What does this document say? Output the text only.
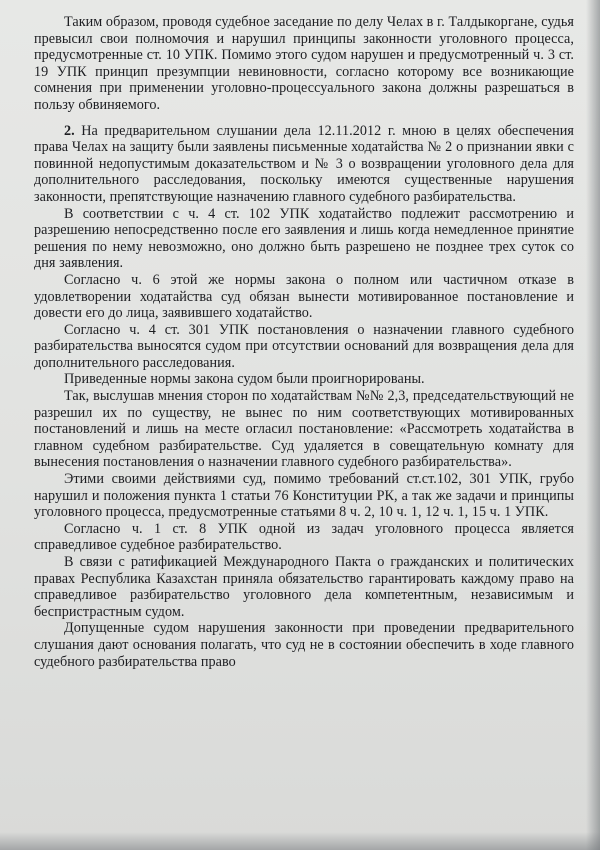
Таким образом, проводя судебное заседание по делу Челах в г. Талдыкоргане, судья превысил свои полномочия и нарушил принципы законности уголовного процесса, предусмотренные ст. 10 УПК. Помимо этого судом нарушен и предусмотренный ч. 3 ст. 19 УПК принцип презумпции невиновности, согласно которому все возникающие сомнения при применении уголовно-процессуального закона должны разрешаться в пользу обвиняемого.

2. На предварительном слушании дела 12.11.2012 г. мною в целях обеспечения права Челах на защиту были заявлены письменные ходатайства № 2 о признании явки с повинной недопустимым доказательством и № 3 о возвращении уголовного дела для дополнительного расследования, поскольку имеются существенные нарушения законности, препятствующие назначению главного судебного разбирательства.

В соответствии с ч. 4 ст. 102 УПК ходатайство подлежит рассмотрению и разрешению непосредственно после его заявления и лишь когда немедленное принятие решения по нему невозможно, оно должно быть разрешено не позднее трех суток со дня заявления.

Согласно ч. 6 этой же нормы закона о полном или частичном отказе в удовлетворении ходатайства суд обязан вынести мотивированное постановление и довести его до лица, заявившего ходатайство.

Согласно ч. 4 ст. 301 УПК постановления о назначении главного судебного разбирательства выносятся судом при отсутствии оснований для возвращения дела для дополнительного расследования.

Приведенные нормы закона судом были проигнорированы.

Так, выслушав мнения сторон по ходатайствам №№ 2,3, председательствующий не разрешил их по существу, не вынес по ним соответствующих мотивированных постановлений и лишь на месте огласил постановление: «Рассмотреть ходатайства в главном судебном разбирательстве. Суд удаляется в совещательную комнату для вынесения постановления о назначении главного судебного разбирательства».

Этими своими действиями суд, помимо требований ст.ст.102, 301 УПК, грубо нарушил и положения пункта 1 статьи 76 Конституции РК, а так же задачи и принципы уголовного процесса, предусмотренные статьями 8 ч. 2, 10 ч. 1, 12 ч. 1, 15 ч. 1 УПК.

Согласно ч. 1 ст. 8 УПК одной из задач уголовного процесса является справедливое судебное разбирательство.

В связи с ратификацией Международного Пакта о гражданских и политических правах Республика Казахстан приняла обязательство гарантировать каждому право на справедливое разбирательство уголовного дела компетентным, независимым и беспристрастным судом.

Допущенные судом нарушения законности при проведении предварительного слушания дают основания полагать, что суд не в состоянии обеспечить в ходе главного судебного разбирательства право
